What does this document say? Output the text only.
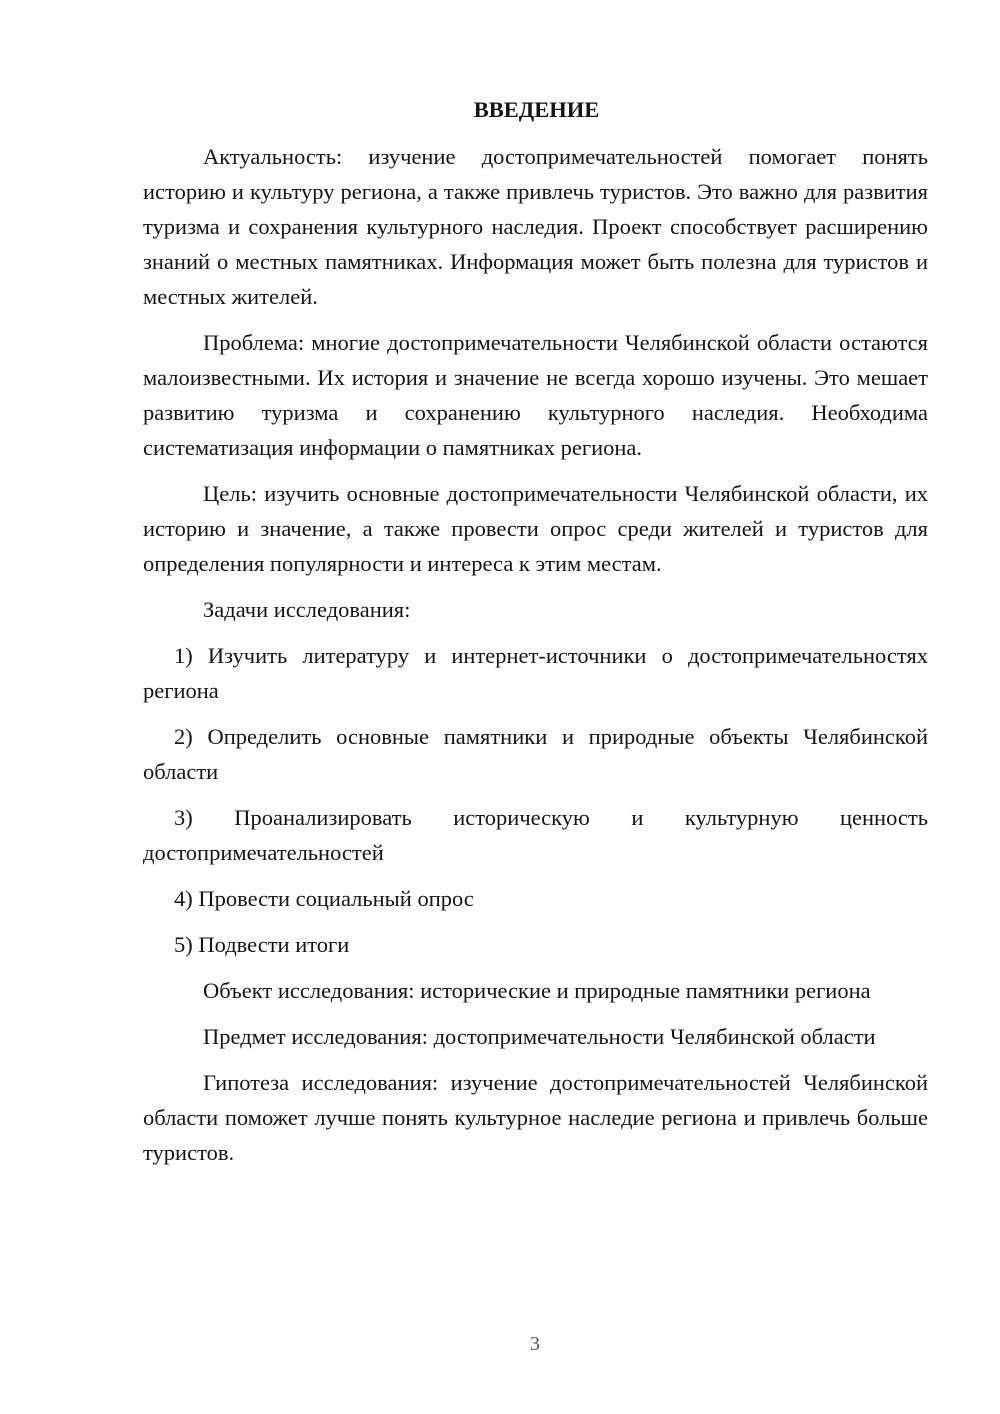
ВВЕДЕНИЕ

Актуальность: изучение достопримечательностей помогает понять историю и культуру региона, а также привлечь туристов. Это важно для развития туризма и сохранения культурного наследия. Проект способствует расширению знаний о местных памятниках. Информация может быть полезна для туристов и местных жителей.

Проблема: многие достопримечательности Челябинской области остаются малоизвестными. Их история и значение не всегда хорошо изучены. Это мешает развитию туризма и сохранению культурного наследия. Необходима систематизация информации о памятниках региона.

Цель: изучить основные достопримечательности Челябинской области, их историю и значение, а также провести опрос среди жителей и туристов для определения популярности и интереса к этим местам.

Задачи исследования:

1) Изучить литературу и интернет-источники о достопримечательностях региона

2) Определить основные памятники и природные объекты Челябинской области

3) Проанализировать историческую и культурную ценность достопримечательностей

4) Провести социальный опрос

5) Подвести итоги

Объект исследования: исторические и природные памятники региона

Предмет исследования: достопримечательности Челябинской области

Гипотеза исследования: изучение достопримечательностей Челябинской области поможет лучше понять культурное наследие региона и привлечь больше туристов.

3
